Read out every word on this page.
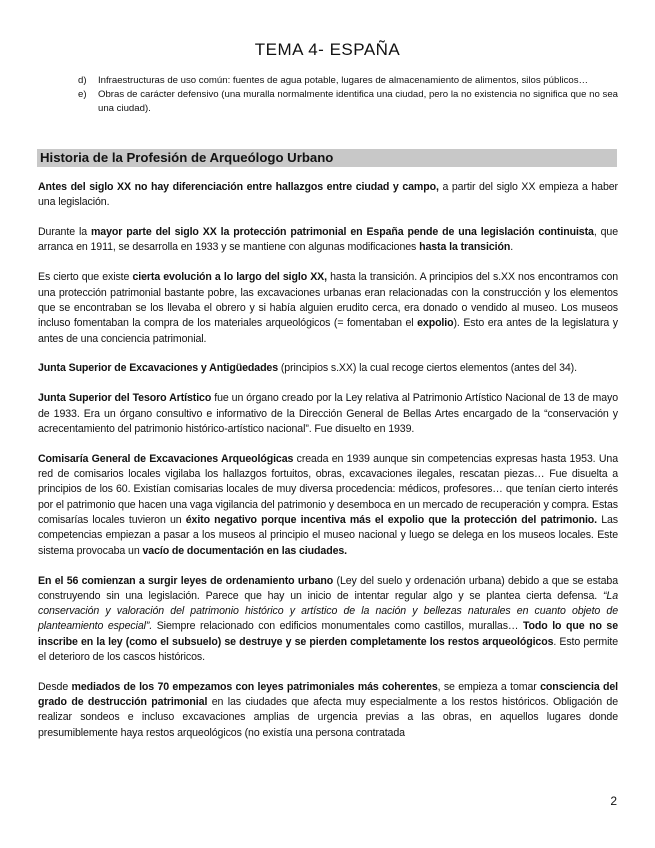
TEMA 4- ESPAÑA
d)	Infraestructuras de uso común: fuentes de agua potable, lugares de almacenamiento de alimentos, silos públicos…
e)	Obras de carácter defensivo (una muralla normalmente identifica una ciudad, pero la no existencia no significa que no sea una ciudad).
Historia de la Profesión de Arqueólogo Urbano

Antes del siglo XX no hay diferenciación entre hallazgos entre ciudad y campo, a partir del siglo XX empieza a haber una legislación.

Durante la mayor parte del siglo XX la protección patrimonial en España pende de una legislación continuista, que arranca en 1911, se desarrolla en 1933 y se mantiene con algunas modificaciones hasta la transición.

Es cierto que existe cierta evolución a lo largo del siglo XX, hasta la transición. A principios del s.XX nos encontramos con una protección patrimonial bastante pobre, las excavaciones urbanas eran relacionadas con la construcción y los elementos que se encontraban se los llevaba el obrero y si había alguien erudito cerca, era donado o vendido al museo. Los museos incluso fomentaban la compra de los materiales arqueológicos (= fomentaban el expolio). Esto era antes de la legislatura y antes de una conciencia patrimonial.

Junta Superior de Excavaciones y Antigüedades (principios s.XX) la cual recoge ciertos elementos (antes del 34).

Junta Superior del Tesoro Artístico fue un órgano creado por la Ley relativa al Patrimonio Artístico Nacional de 13 de mayo de 1933. Era un órgano consultivo e informativo de la Dirección General de Bellas Artes encargado de la “conservación y acrecentamiento del patrimonio histórico-artístico nacional”. Fue disuelto en 1939.

Comisaría General de Excavaciones Arqueológicas creada en 1939 aunque sin competencias expresas hasta 1953. Una red de comisarios locales vigilaba los hallazgos fortuitos, obras, excavaciones ilegales, rescatan piezas… Fue disuelta a principios de los 60. Existían comisarias locales de muy diversa procedencia: médicos, profesores… que tenían cierto interés por el patrimonio que hacen una vaga vigilancia del patrimonio y desemboca en un mercado de recuperación y compra. Estas comisarías locales tuvieron un éxito negativo porque incentiva más el expolio que la protección del patrimonio. Las competencias empiezan a pasar a los museos al principio el museo nacional y luego se delega en los museos locales. Este sistema provocaba un vacío de documentación en las ciudades.

En el 56 comienzan a surgir leyes de ordenamiento urbano (Ley del suelo y ordenación urbana) debido a que se estaba construyendo sin una legislación. Parece que hay un inicio de intentar regular algo y se plantea cierta defensa. “La conservación y valoración del patrimonio histórico y artístico de la nación y bellezas naturales en cuanto objeto de planteamiento especial”. Siempre relacionado con edificios monumentales como castillos, murallas… Todo lo que no se inscribe en la ley (como el subsuelo) se destruye y se pierden completamente los restos arqueológicos. Esto permite el deterioro de los cascos históricos.

Desde mediados de los 70 empezamos con leyes patrimoniales más coherentes, se empieza a tomar consciencia del grado de destrucción patrimonial en las ciudades que afecta muy especialmente a los restos históricos. Obligación de realizar sondeos e incluso excavaciones amplias de urgencia previas a las obras, en aquellos lugares donde presumiblemente haya restos arqueológicos (no existía una persona contratada

2
